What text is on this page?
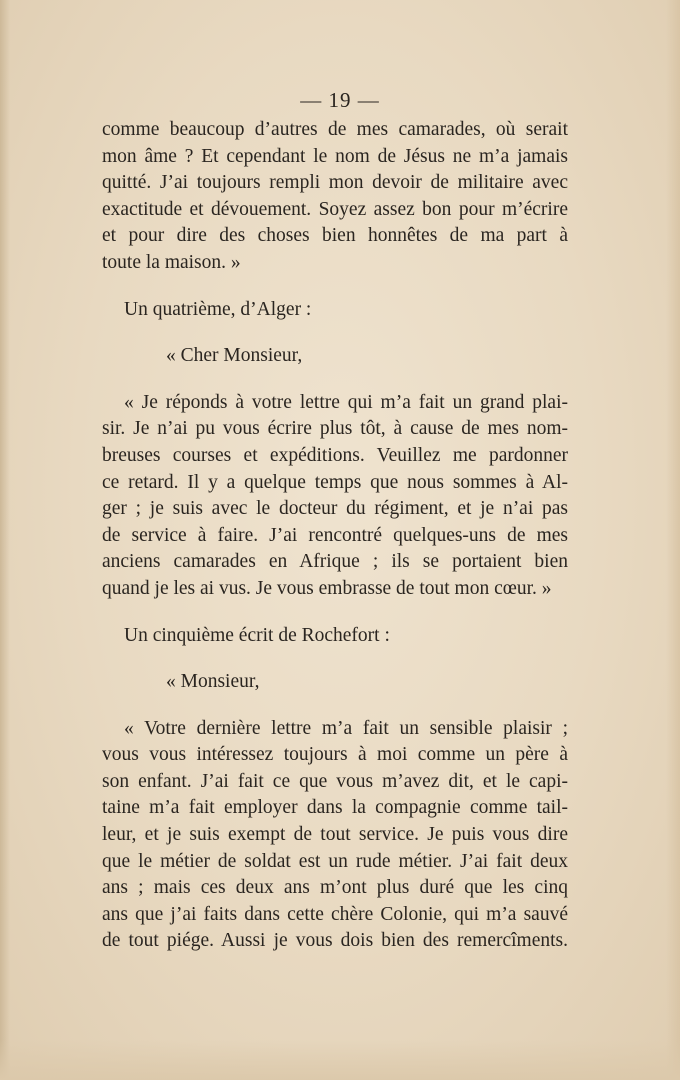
— 19 —
comme beaucoup d’autres de mes camarades, où serait
mon âme ? Et cependant le nom de Jésus ne m’a jamais
quitté. J’ai toujours rempli mon devoir de militaire avec
exactitude et dévouement. Soyez assez bon pour m’écrire
et pour dire des choses bien honnêtes de ma part à
toute la maison. »
Un quatrième, d’Alger :
« Cher Monsieur,
« Je réponds à votre lettre qui m’a fait un grand plai-
sir. Je n’ai pu vous écrire plus tôt, à cause de mes nom-
breuses courses et expéditions. Veuillez me pardonner
ce retard. Il y a quelque temps que nous sommes à Al-
ger ; je suis avec le docteur du régiment, et je n’ai pas
de service à faire. J’ai rencontré quelques-uns de mes
anciens camarades en Afrique ; ils se portaient bien
quand je les ai vus. Je vous embrasse de tout mon cœur. »
Un cinquième écrit de Rochefort :
« Monsieur,
« Votre dernière lettre m’a fait un sensible plaisir ;
vous vous intéressez toujours à moi comme un père à
son enfant. J’ai fait ce que vous m’avez dit, et le capi-
taine m’a fait employer dans la compagnie comme tail-
leur, et je suis exempt de tout service. Je puis vous dire
que le métier de soldat est un rude métier. J’ai fait deux
ans ; mais ces deux ans m’ont plus duré que les cinq
ans que j’ai faits dans cette chère Colonie, qui m’a sauvé
de tout piége. Aussi je vous dois bien des remercîments.
